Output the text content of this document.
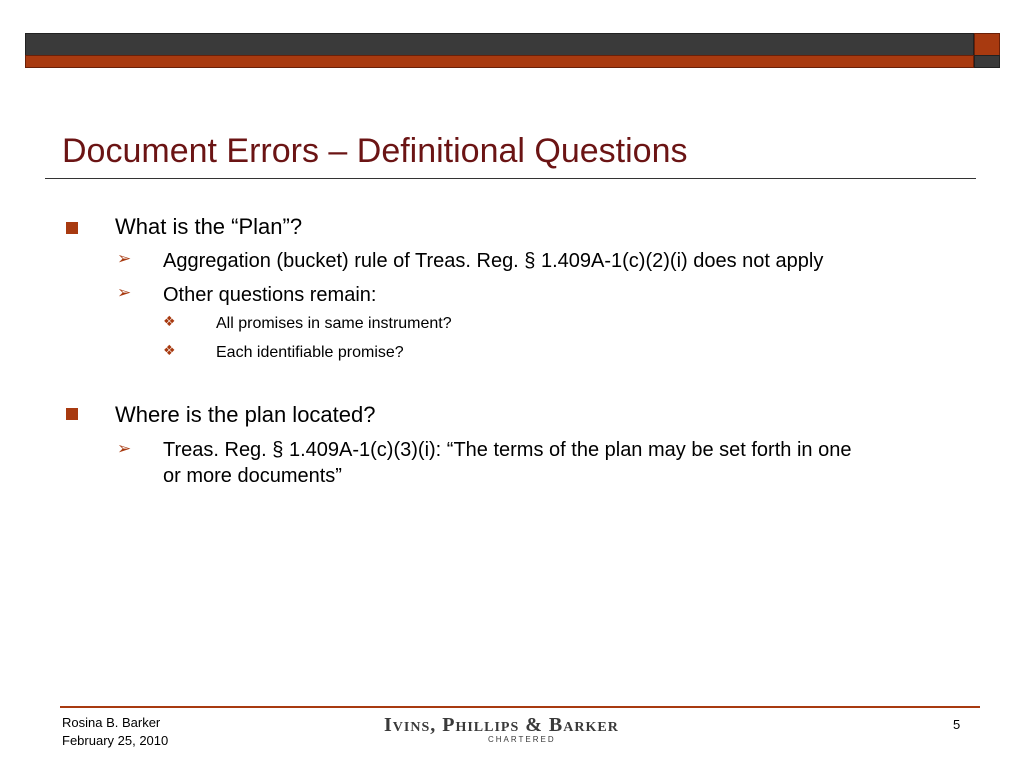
Document Errors – Definitional Questions
What is the “Plan”?
➢ Aggregation (bucket) rule of Treas. Reg. § 1.409A-1(c)(2)(i) does not apply
➢ Other questions remain:
❖	All promises in same instrument?
❖	Each identifiable promise?
Where is the plan located?
➢ Treas. Reg. § 1.409A-1(c)(3)(i): “The terms of the plan may be set forth in one
or more documents”
Rosina B. Barker
February 25, 2010
Ivins, Phillips & Barker
CHARTERED
5
